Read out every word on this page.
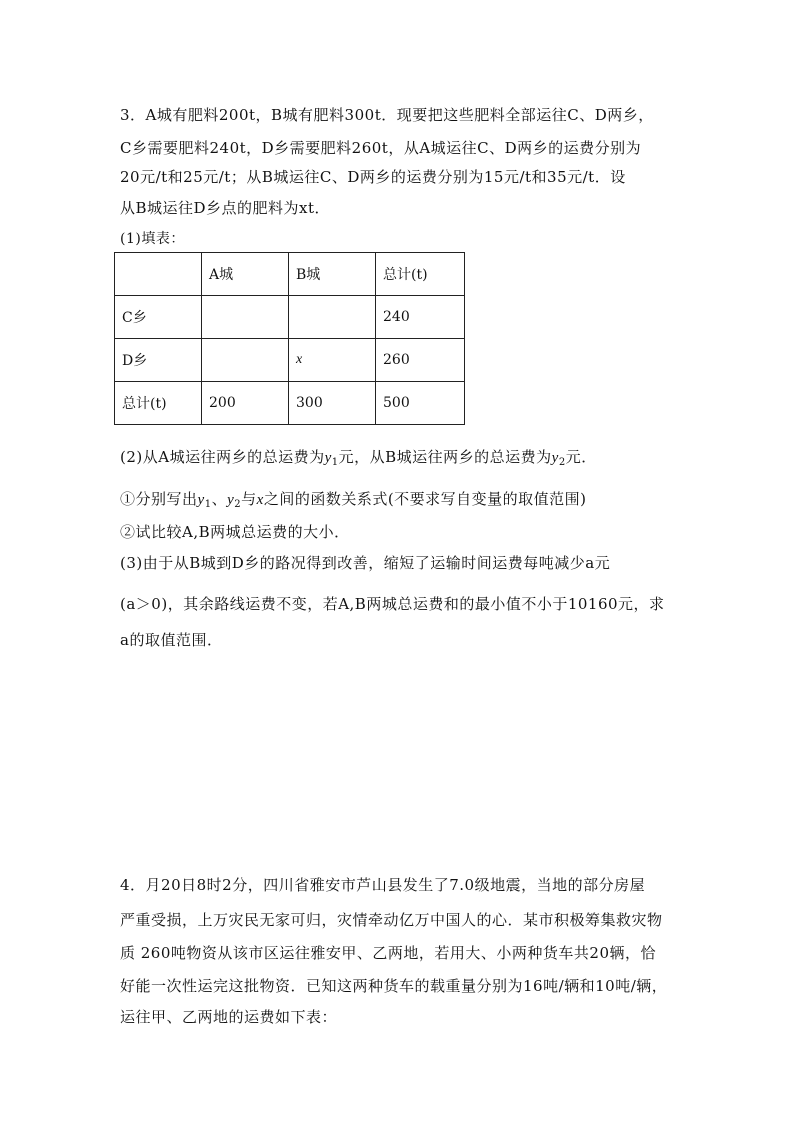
3．A城有肥料200t，B城有肥料300t．现要把这些肥料全部运往C、D两乡，
C乡需要肥料240t，D乡需要肥料260t，从A城运往C、D两乡的运费分别为
20元/t和25元/t；从B城运往C、D两乡的运费分别为15元/t和35元/t．设
从B城运往D乡点的肥料为xt．
(1)填表：
	A城	B城	总计(t)
C乡			240
D乡		x	260
总计(t)	200	300	500
(2)从A城运往两乡的总运费为$y_1$元，从B城运往两乡的总运费为$y_2$元．
①分别写出$y_1$、$y_2$与x之间的函数关系式(不要求写自变量的取值范围)
②试比较A,B两城总运费的大小．
(3)由于从B城到D乡的路况得到改善，缩短了运输时间运费每吨减少a元
(a＞0)，其余路线运费不变，若A,B两城总运费和的最小值不小于10160元，求
a的取值范围．
4．月20日8时2分，四川省雅安市芦山县发生了7.0级地震，当地的部分房屋
严重受损，上万灾民无家可归，灾情牵动亿万中国人的心．某市积极筹集救灾物
质 260吨物资从该市区运往雅安甲、乙两地，若用大、小两种货车共20辆，恰
好能一次性运完这批物资．已知这两种货车的载重量分别为16吨/辆和10吨/辆，
运往甲、乙两地的运费如下表：
